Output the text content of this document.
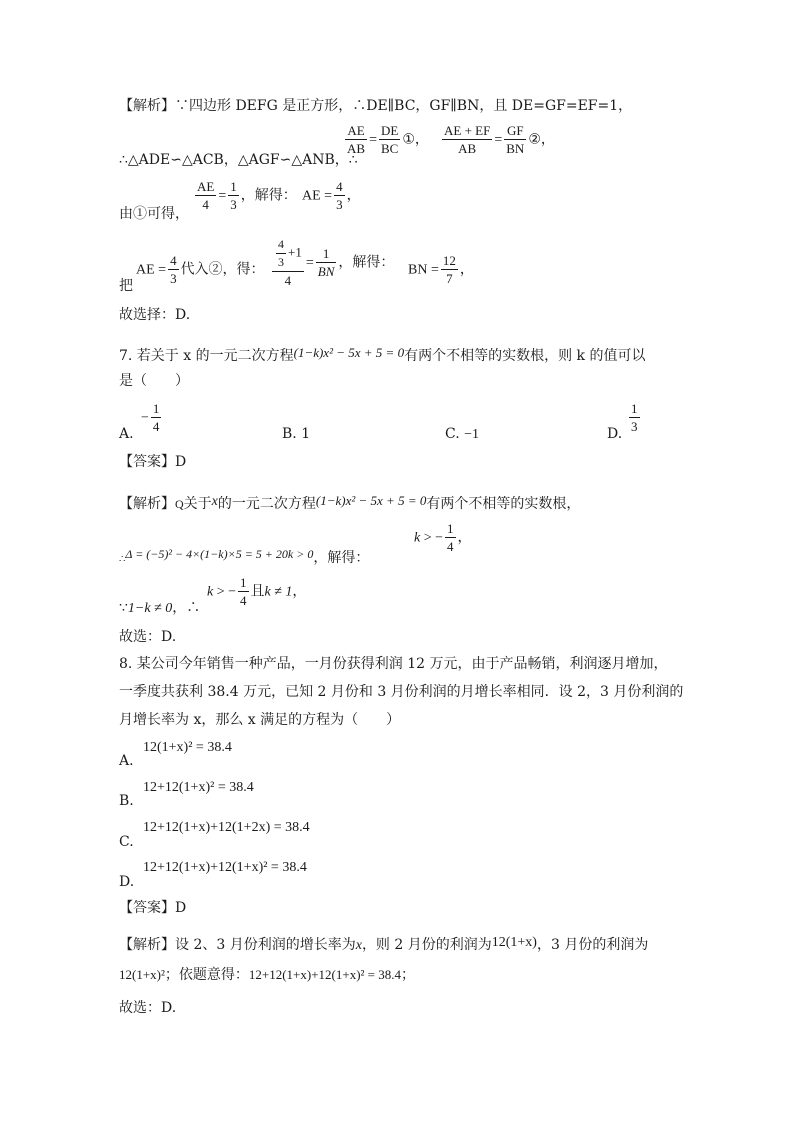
【解析】∵四边形 DEFG 是正方形，∴DE∥BC，GF∥BN，且 DE=GF=EF=1，
$\frac{AE}{AB} = \frac{DE}{BC}$ ①， $\frac{AE + EF}{AB} = \frac{GF}{BN}$ ②，
∴△ADE∽△ACB，△AGF∽△ANB，∴
由①可得，
$\frac{AE}{4} = \frac{1}{3}$ ，解得： AE = $\frac{4}{3}$ ，
把
AE = $\frac{4}{3}$ 代入②，得： $\frac{\frac{4}{3} +1}{4} = \frac{1}{BN}$ ，解得： BN = $\frac{12}{7}$ ，
故选择：D.
7. 若关于 x 的一元二次方程(1−k)x² − 5x + 5 = 0有两个不相等的实数根，则 k 的值可以
是（　　）
A.
− $\frac{1}{4}$	B. 1	C. −1	D. $\frac{1}{3}$
【答案】D
【解析】Q关于x的一元二次方程(1−k)x² − 5x + 5 = 0有两个不相等的实数根，
∴Δ = (−5)² − 4×(1−k)×5 = 5 + 20k > 0，解得：
k > − $\frac{1}{4}$ ，
∵1−k ≠ 0，∴
k > − $\frac{1}{4}$ 且k ≠ 1，
故选：D.
8. 某公司今年销售一种产品，一月份获得利润 12 万元，由于产品畅销，利润逐月增加，
一季度共获利 38.4 万元，已知 2 月份和 3 月份利润的月增长率相同．设 2，3 月份利润的
月增长率为 x，那么 x 满足的方程为（　　）
A.
12(1+x)² = 38.4
B.
12+12(1+x)² = 38.4
C.
12+12(1+x)+12(1+2x) = 38.4
D.
12+12(1+x)+12(1+x)² = 38.4
【答案】D
【解析】设 2、3 月份利润的增长率为x，则 2 月份的利润为12(1+x)，3 月份的利润为
12(1+x)²；依题意得：12+12(1+x)+12(1+x)² = 38.4；
故选：D.
